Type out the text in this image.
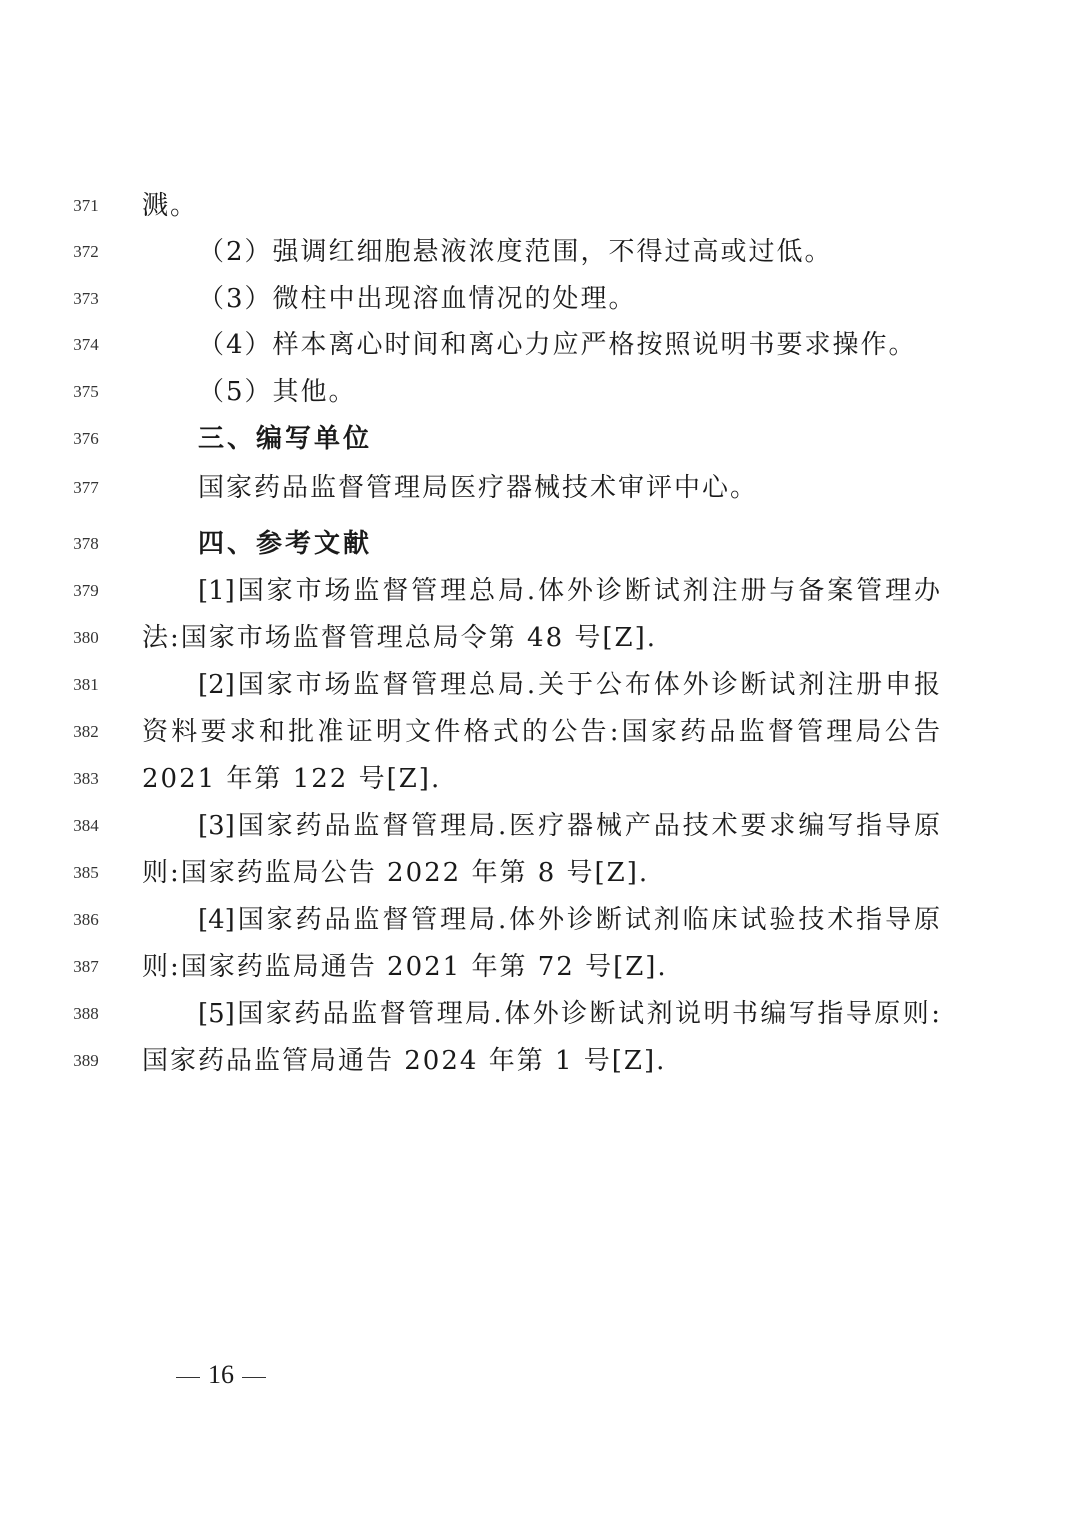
371	溅。
372	（2）强调红细胞悬液浓度范围，不得过高或过低。
373	（3）微柱中出现溶血情况的处理。
374	（4）样本离心时间和离心力应严格按照说明书要求操作。
375	（5）其他。
376	三、编写单位
377	国家药品监督管理局医疗器械技术审评中心。
378	四、参考文献
379	[1]国家市场监督管理总局.体外诊断试剂注册与备案管理办
380	法:国家市场监督管理总局令第 48 号[Z].
381	[2]国家市场监督管理总局.关于公布体外诊断试剂注册申报
382	资料要求和批准证明文件格式的公告:国家药品监督管理局公告
383	2021 年第 122 号[Z].
384	[3]国家药品监督管理局.医疗器械产品技术要求编写指导原
385	则:国家药监局公告 2022 年第 8 号[Z].
386	[4]国家药品监督管理局.体外诊断试剂临床试验技术指导原
387	则:国家药监局通告 2021 年第 72 号[Z].
388	[5]国家药品监督管理局.体外诊断试剂说明书编写指导原则:
389	国家药品监管局通告 2024 年第 1 号[Z].
16
